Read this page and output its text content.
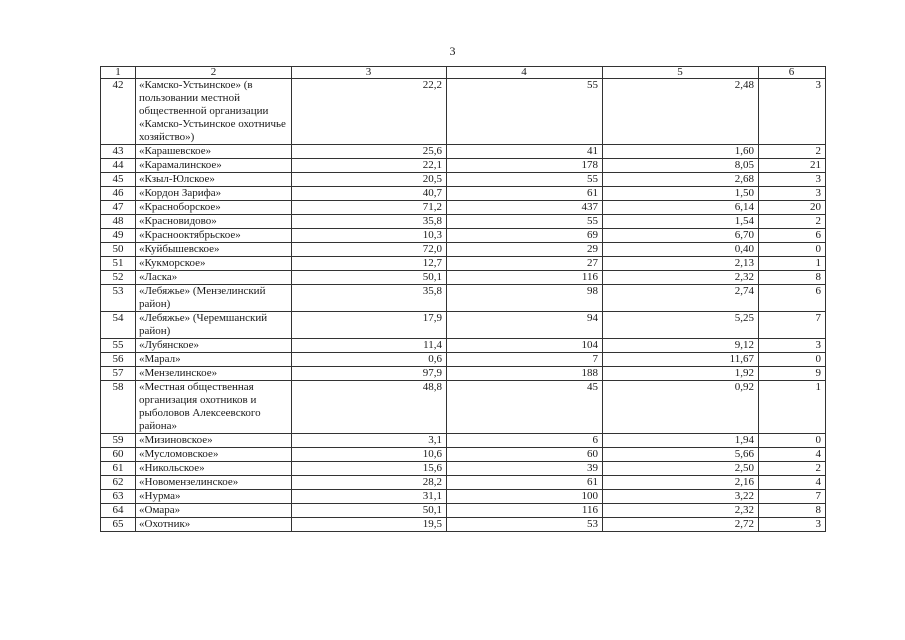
3
1	2	3	4	5	6
42	«Камско-Устьинское» (в пользовании местной общественной организации «Камско-Устьинское охотничье хозяйство»)	22,2	55	2,48	3
43	«Карашевское»	25,6	41	1,60	2
44	«Карамалинское»	22,1	178	8,05	21
45	«Кзыл-Юлское»	20,5	55	2,68	3
46	«Кордон Зарифа»	40,7	61	1,50	3
47	«Красноборское»	71,2	437	6,14	20
48	«Красновидово»	35,8	55	1,54	2
49	«Краснооктябрьское»	10,3	69	6,70	6
50	«Куйбышевское»	72,0	29	0,40	0
51	«Кукморское»	12,7	27	2,13	1
52	«Ласка»	50,1	116	2,32	8
53	«Лебяжье» (Мензелинский район)	35,8	98	2,74	6
54	«Лебяжье» (Черемшанский район)	17,9	94	5,25	7
55	«Лубянское»	11,4	104	9,12	3
56	«Марал»	0,6	7	11,67	0
57	«Мензелинское»	97,9	188	1,92	9
58	«Местная общественная организация охотников и рыболовов Алексеевского района»	48,8	45	0,92	1
59	«Мизиновское»	3,1	6	1,94	0
60	«Мусломовское»	10,6	60	5,66	4
61	«Никольское»	15,6	39	2,50	2
62	«Новомензелинское»	28,2	61	2,16	4
63	«Нурма»	31,1	100	3,22	7
64	«Омара»	50,1	116	2,32	8
65	«Охотник»	19,5	53	2,72	3
